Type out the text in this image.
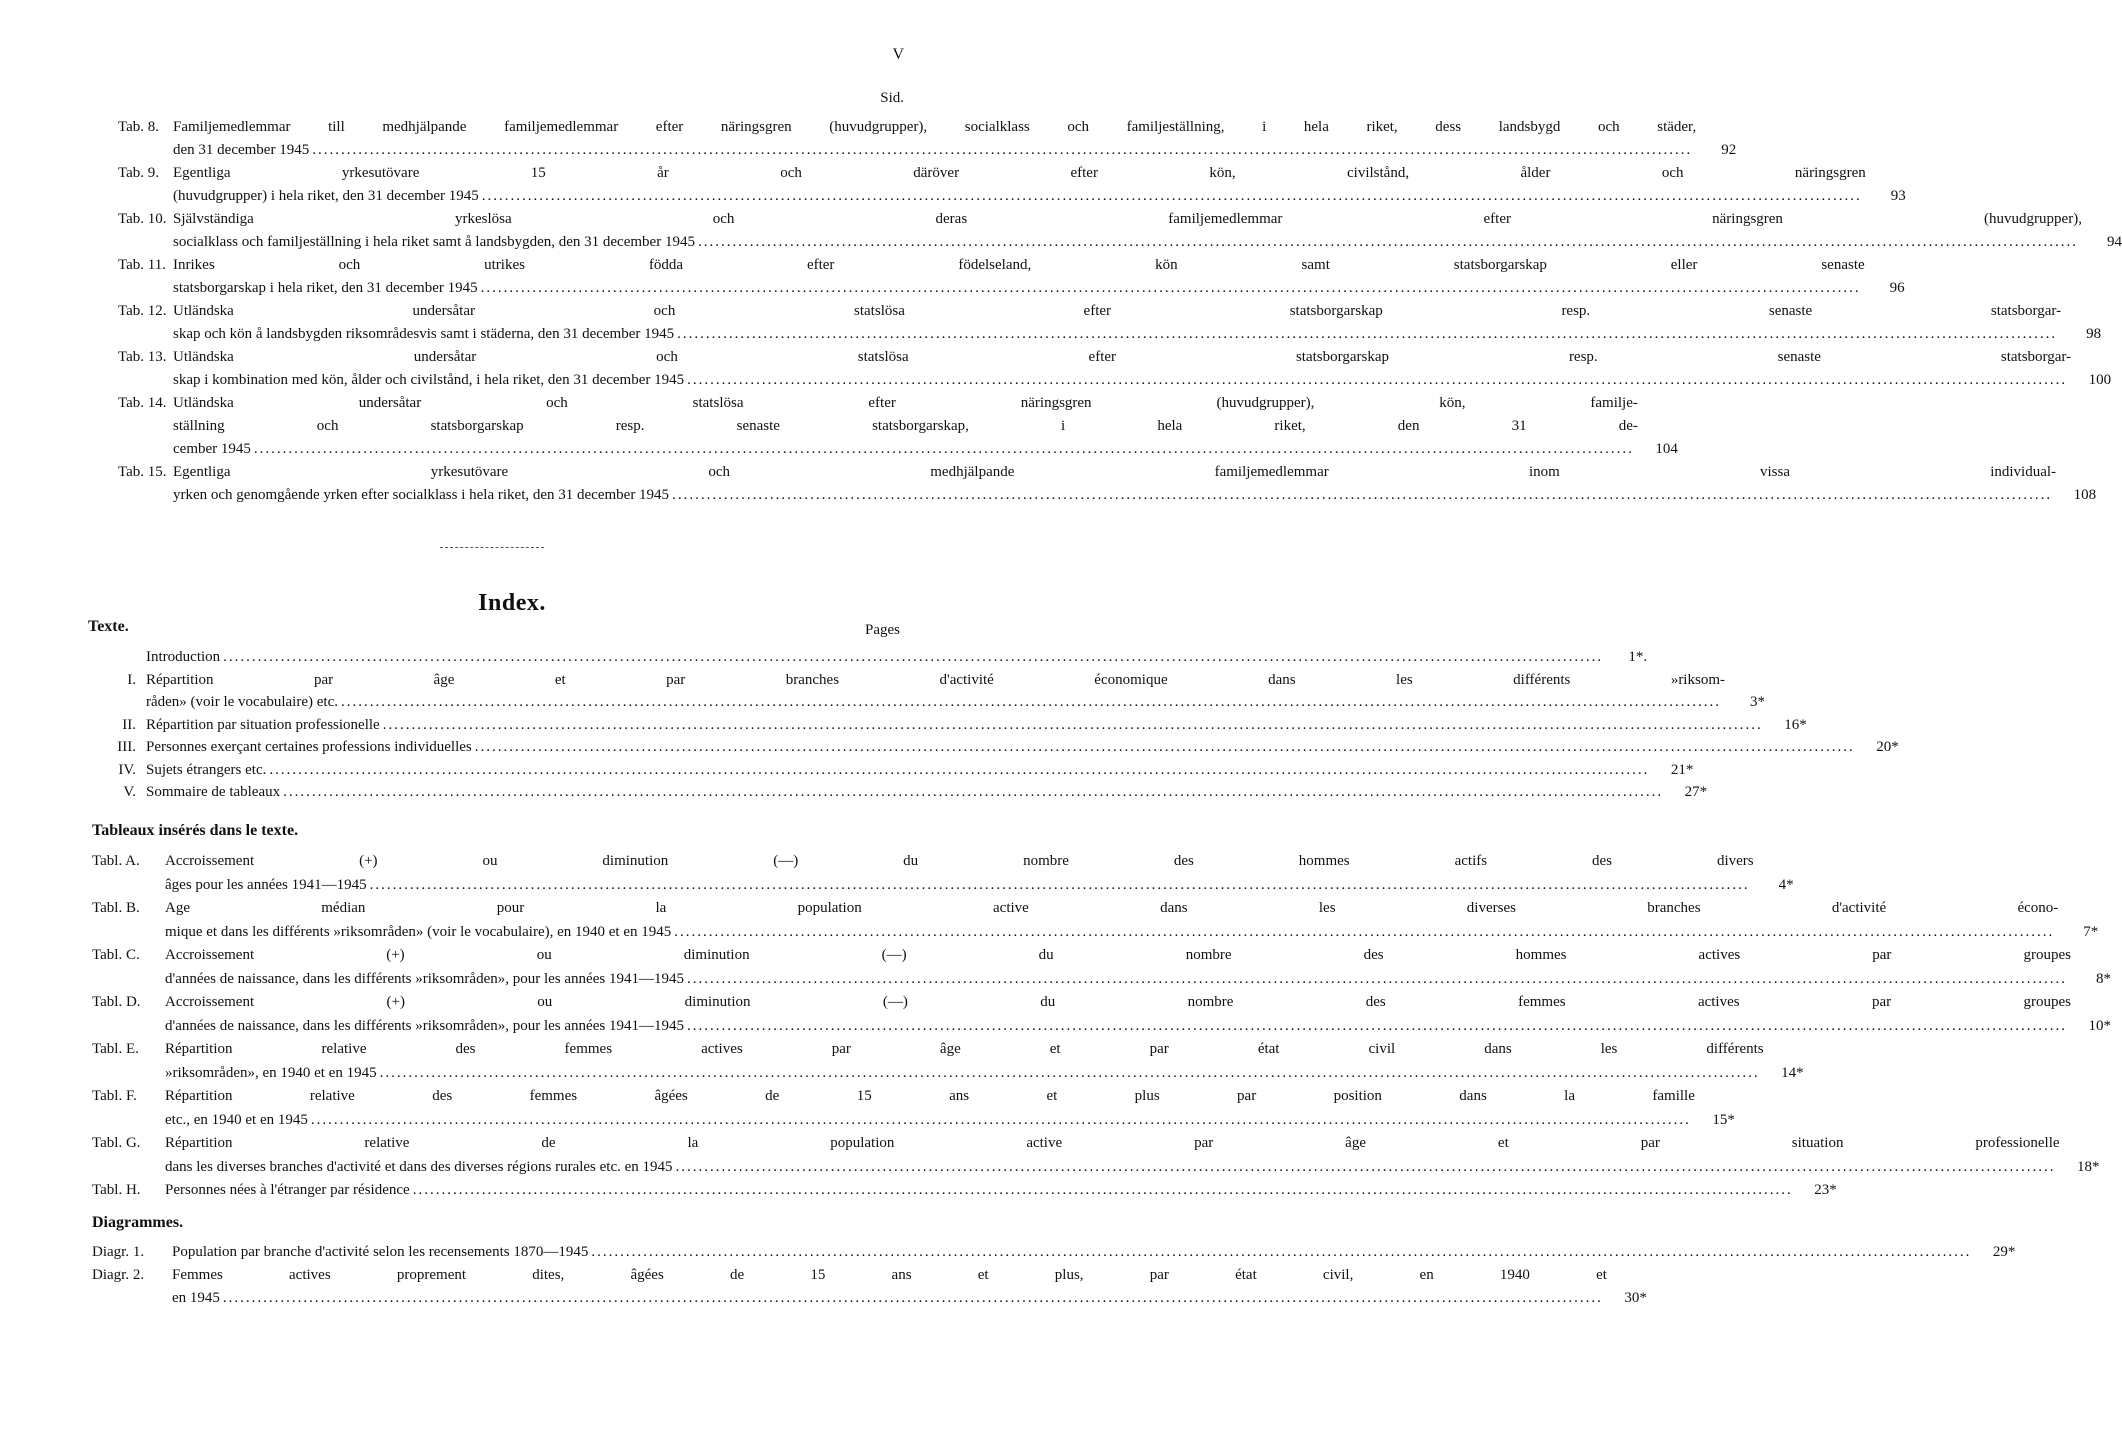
V
Sid.
Tab. 8. Familjemedlemmar till medhjälpande familjemedlemmar efter näringsgren (huvudgrupper), socialklass och familjeställning, i hela riket, dess landsbygd och städer,
den 31 december 1945 .....	92
Tab. 9. Egentliga yrkesutövare 15 år och däröver efter kön, civilstånd, ålder och näringsgren
(huvudgrupper) i hela riket, den 31 december 1945 .....	93
Tab. 10. Självständiga yrkeslösa och deras familjemedlemmar efter näringsgren (huvudgrupper),
socialklass och familjeställning i hela riket samt å landsbygden, den 31 december 1945 .....	94
Tab. 11. Inrikes och utrikes födda efter födelseland, kön samt statsborgarskap eller senaste
statsborgarskap i hela riket, den 31 december 1945 .....	96
Tab. 12. Utländska undersåtar och statslösa efter statsborgarskap resp. senaste statsborgar-
skap och kön å landsbygden riksområdesvis samt i städerna, den 31 december 1945 .....	98
Tab. 13. Utländska undersåtar och statslösa efter statsborgarskap resp. senaste statsborgar-
skap i kombination med kön, ålder och civilstånd, i hela riket, den 31 december 1945 .....	100
Tab. 14. Utländska undersåtar och statslösa efter näringsgren (huvudgrupper), kön, familje-
ställning och statsborgarskap resp. senaste statsborgarskap, i hela riket, den 31 de-
cember 1945 .....	104
Tab. 15. Egentliga yrkesutövare och medhjälpande familjemedlemmar inom vissa individual-
yrken och genomgående yrken efter socialklass i hela riket, den 31 december 1945 .....	108
Index.
Texte.	Pages
Introduction .....	1*.
I. Répartition par âge et par branches d'activité économique dans les différents »riksom-
råden» (voir le vocabulaire) etc. .....	3*
II. Répartition par situation professionelle .....	16*
III. Personnes exerçant certaines professions individuelles .....	20*
IV. Sujets étrangers etc. .....	21*
V. Sommaire de tableaux .....	27*
Tableaux insérés dans le texte.
Tabl. A.	Accroissement (+) ou diminution (—) du nombre des hommes actifs des divers
âges pour les années 1941—1945 .....	4*
Tabl. B.	Age médian pour la population active dans les diverses branches d'activité écono-
mique et dans les différents »riksområden» (voir le vocabulaire), en 1940 et en 1945 .....	7*
Tabl. C.	Accroissement (+) ou diminution (—) du nombre des hommes actives par groupes
d'années de naissance, dans les différents »riksområden», pour les années 1941—1945 .....	8*
Tabl. D.	Accroissement (+) ou diminution (—) du nombre des femmes actives par groupes
d'années de naissance, dans les différents »riksområden», pour les années 1941—1945 .....	10*
Tabl. E.	Répartition relative des femmes actives par âge et par état civil dans les différents
»riksområden», en 1940 et en 1945 .....	14*
Tabl. F.	Répartition relative des femmes âgées de 15 ans et plus par position dans la famille
etc., en 1940 et en 1945 .....	15*
Tabl. G.	Répartition relative de la population active par âge et par situation professionelle
dans les diverses branches d'activité et dans des diverses régions rurales etc. en 1945 .....	18*
Tabl. H.	Personnes nées à l'étranger par résidence .....	23*
Diagrammes.
Diagr. 1.	Population par branche d'activité selon les recensements 1870—1945 .....	29*
Diagr. 2.	Femmes actives proprement dites, âgées de 15 ans et plus, par état civil, en 1940 et
en 1945 .....	30*
